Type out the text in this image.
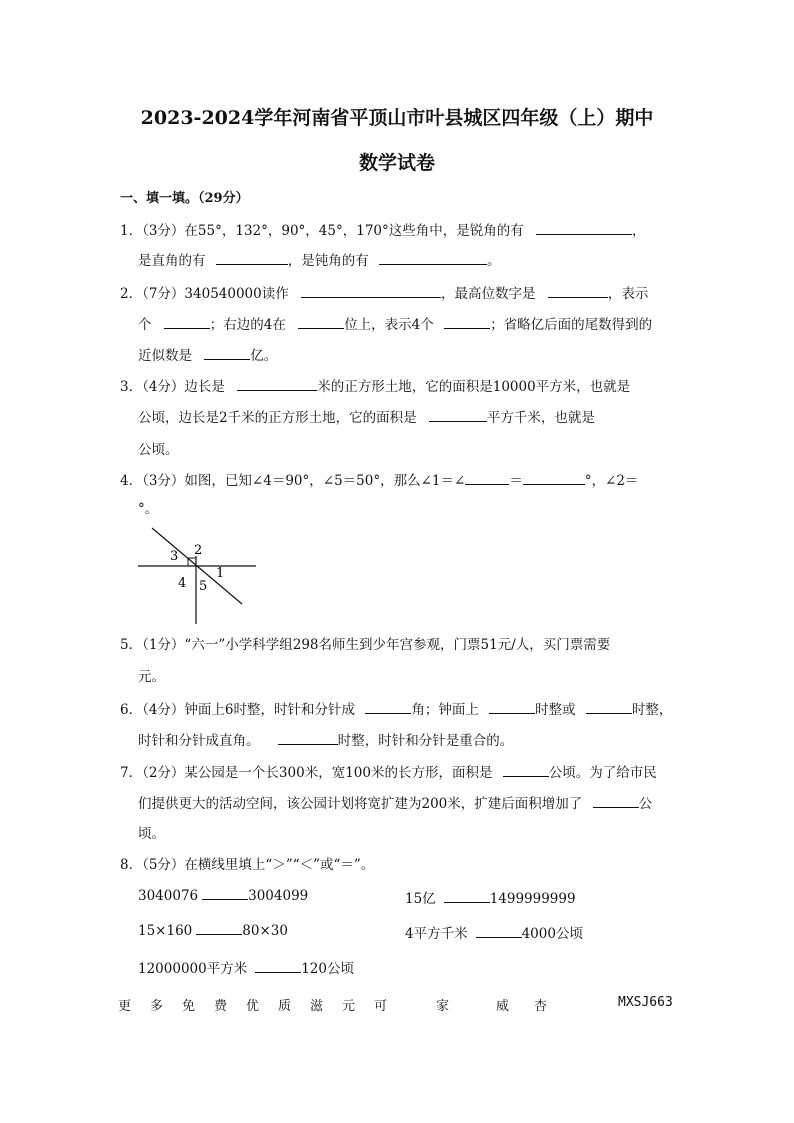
2023-2024学年河南省平顶山市叶县城区四年级（上）期中
数学试卷
一、填一填。（29分）
1．（3分）在55°，132°，90°，45°，170°这些角中，是锐角的有	，
是直角的有	，是钝角的有	。
2．（7分）340540000读作	，最高位数字是	，表示
个	；右边的4在	位上，表示4个	；省略亿后面的尾数得到的
近似数是	亿。
3．（4分）边长是	米的正方形土地，它的面积是10000平方米，也就是
公顷，边长是2千米的正方形土地，它的面积是	平方千米，也就是
公顷。
4．（3分）如图，已知∠4＝90°，∠5＝50°，那么∠1＝∠	＝	°，∠2＝
°。
3 2
1
4 5
5．（1分）“六一”小学科学组298名师生到少年宫参观，门票51元/人，买门票需要
元。
6．（4分）钟面上6时整，时针和分针成	角；钟面上	时整或	时整，
时针和分针成直角。	时整，时针和分针是重合的。
7．（2分）某公园是一个长300米，宽100米的长方形，面积是	公顷。为了给市民
们提供更大的活动空间，该公园计划将宽扩建为200米，扩建后面积增加了	公
顷。
8．（5分）在横线里填上“＞”“＜”或“＝”。
3040076	3004099	15亿	1499999999
15×160	80×30	4平方千米	4000公顷
12000000平方米	120公顷
更 多 免 费 优 质 滋 元 可	家	威 杏	MXSJ663
